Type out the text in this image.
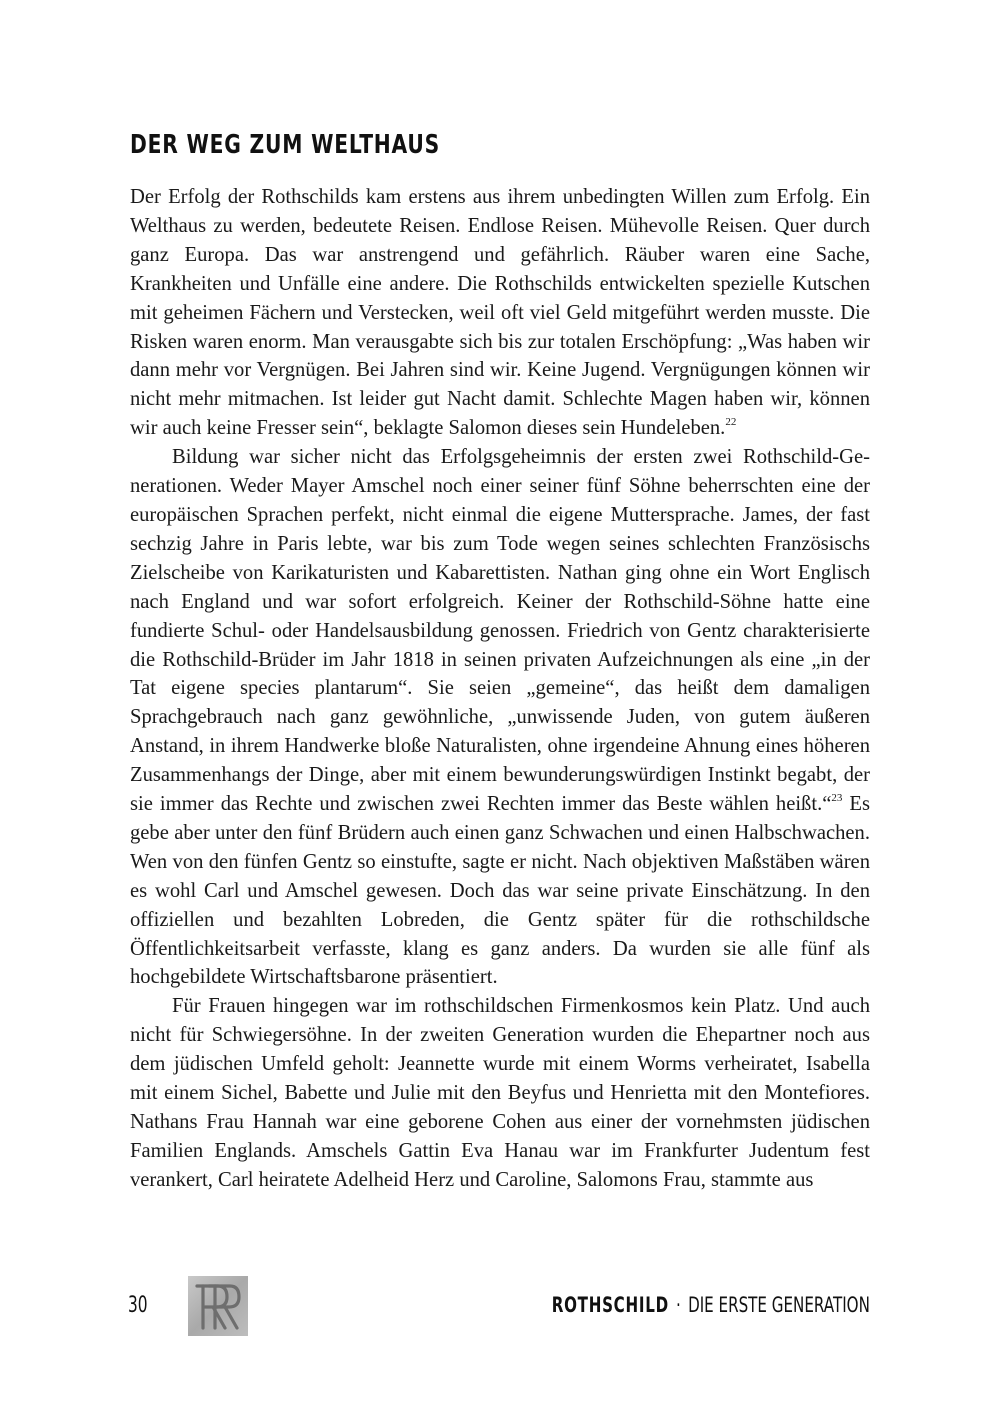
DER WEG ZUM WELTHAUS

Der Erfolg der Rothschilds kam erstens aus ihrem unbedingten Willen zum Erfolg. Ein Welthaus zu werden, bedeutete Reisen. Endlose Reisen. Mühevolle Reisen. Quer durch ganz Europa. Das war anstrengend und gefährlich. Räuber waren eine Sache, Krankheiten und Unfälle eine andere. Die Rothschilds entwickelten spezielle Kutschen mit geheimen Fächern und Verstecken, weil oft viel Geld mitgeführt werden musste. Die Risken waren enorm. Man verausgabte sich bis zur totalen Erschöpfung: „Was haben wir dann mehr vor Vergnügen. Bei Jahren sind wir. Keine Jugend. Vergnügungen können wir nicht mehr mitmachen. Ist leider gut Nacht damit. Schlechte Magen haben wir, können wir auch keine Fresser sein“, beklagte Salomon dieses sein Hundeleben.$^{22}$

Bildung war sicher nicht das Erfolgsgeheimnis der ersten zwei Rothschild-Generationen. Weder Mayer Amschel noch einer seiner fünf Söhne beherrschten eine der europäischen Sprachen perfekt, nicht einmal die eigene Muttersprache. James, der fast sechzig Jahre in Paris lebte, war bis zum Tode wegen seines schlechten Französischs Zielscheibe von Karikaturisten und Kabarettisten. Nathan ging ohne ein Wort Englisch nach England und war sofort erfolgreich. Keiner der Rothschild-Söhne hatte eine fundierte Schul- oder Handelsausbildung genossen. Friedrich von Gentz charakterisierte die Rothschild-Brüder im Jahr 1818 in seinen privaten Aufzeichnungen als eine „in der Tat eigene species plantarum“. Sie seien „gemeine“, das heißt dem damaligen Sprachgebrauch nach ganz gewöhnliche, „unwissende Juden, von gutem äußeren Anstand, in ihrem Handwerke bloße Naturalisten, ohne irgendeine Ahnung eines höheren Zusammenhangs der Dinge, aber mit einem bewunderungswürdigen Instinkt begabt, der sie immer das Rechte und zwischen zwei Rechten immer das Beste wählen heißt.“$^{23}$ Es gebe aber unter den fünf Brüdern auch einen ganz Schwachen und einen Halbschwachen. Wen von den fünfen Gentz so einstufte, sagte er nicht. Nach objektiven Maßstäben wären es wohl Carl und Amschel gewesen. Doch das war seine private Einschätzung. In den offiziellen und bezahlten Lobreden, die Gentz später für die rothschildsche Öffentlichkeitsarbeit verfasste, klang es ganz anders. Da wurden sie alle fünf als hochgebildete Wirtschaftsbarone präsentiert.

Für Frauen hingegen war im rothschildschen Firmenkosmos kein Platz. Und auch nicht für Schwiegersöhne. In der zweiten Generation wurden die Ehepartner noch aus dem jüdischen Umfeld geholt: Jeannette wurde mit einem Worms verheiratet, Isabella mit einem Sichel, Babette und Julie mit den Beyfus und Henrietta mit den Montefiores. Nathans Frau Hannah war eine geborene Cohen aus einer der vornehmsten jüdischen Familien Englands. Amschels Gattin Eva Hanau war im Frankfurter Judentum fest verankert, Carl heiratete Adelheid Herz und Caroline, Salomons Frau, stammte aus

30	ROTHSCHILD · DIE ERSTE GENERATION
